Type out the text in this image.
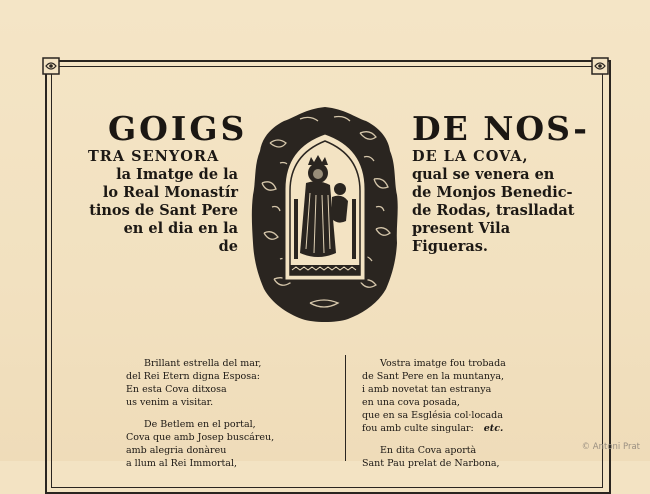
GOIGS	DE NOS-
TRA SENYORA
la Imatge de la
lo Real Monastír
tinos de Sant Pere
en el dia en la
de
DE LA COVA,
qual se venera en
de Monjos Benedic-
de Rodas, traslladat
present Vila
Figueras.
Brillant estrella del mar,
del Rei Etern digna Esposa:
En esta Cova ditxosa
us venim a visitar.
De Betlem en el portal,
Cova que amb Josep buscáreu,
amb alegria donàreu
a llum al Rei Immortal,
Vostra imatge fou trobada
de Sant Pere en la muntanya,
i amb novetat tan estranya
en una cova posada,
que en sa Església col·locada
fou amb culte singular: etc.
En dita Cova aportà
Sant Pau prelat de Narbona,
© Antoni Prat
